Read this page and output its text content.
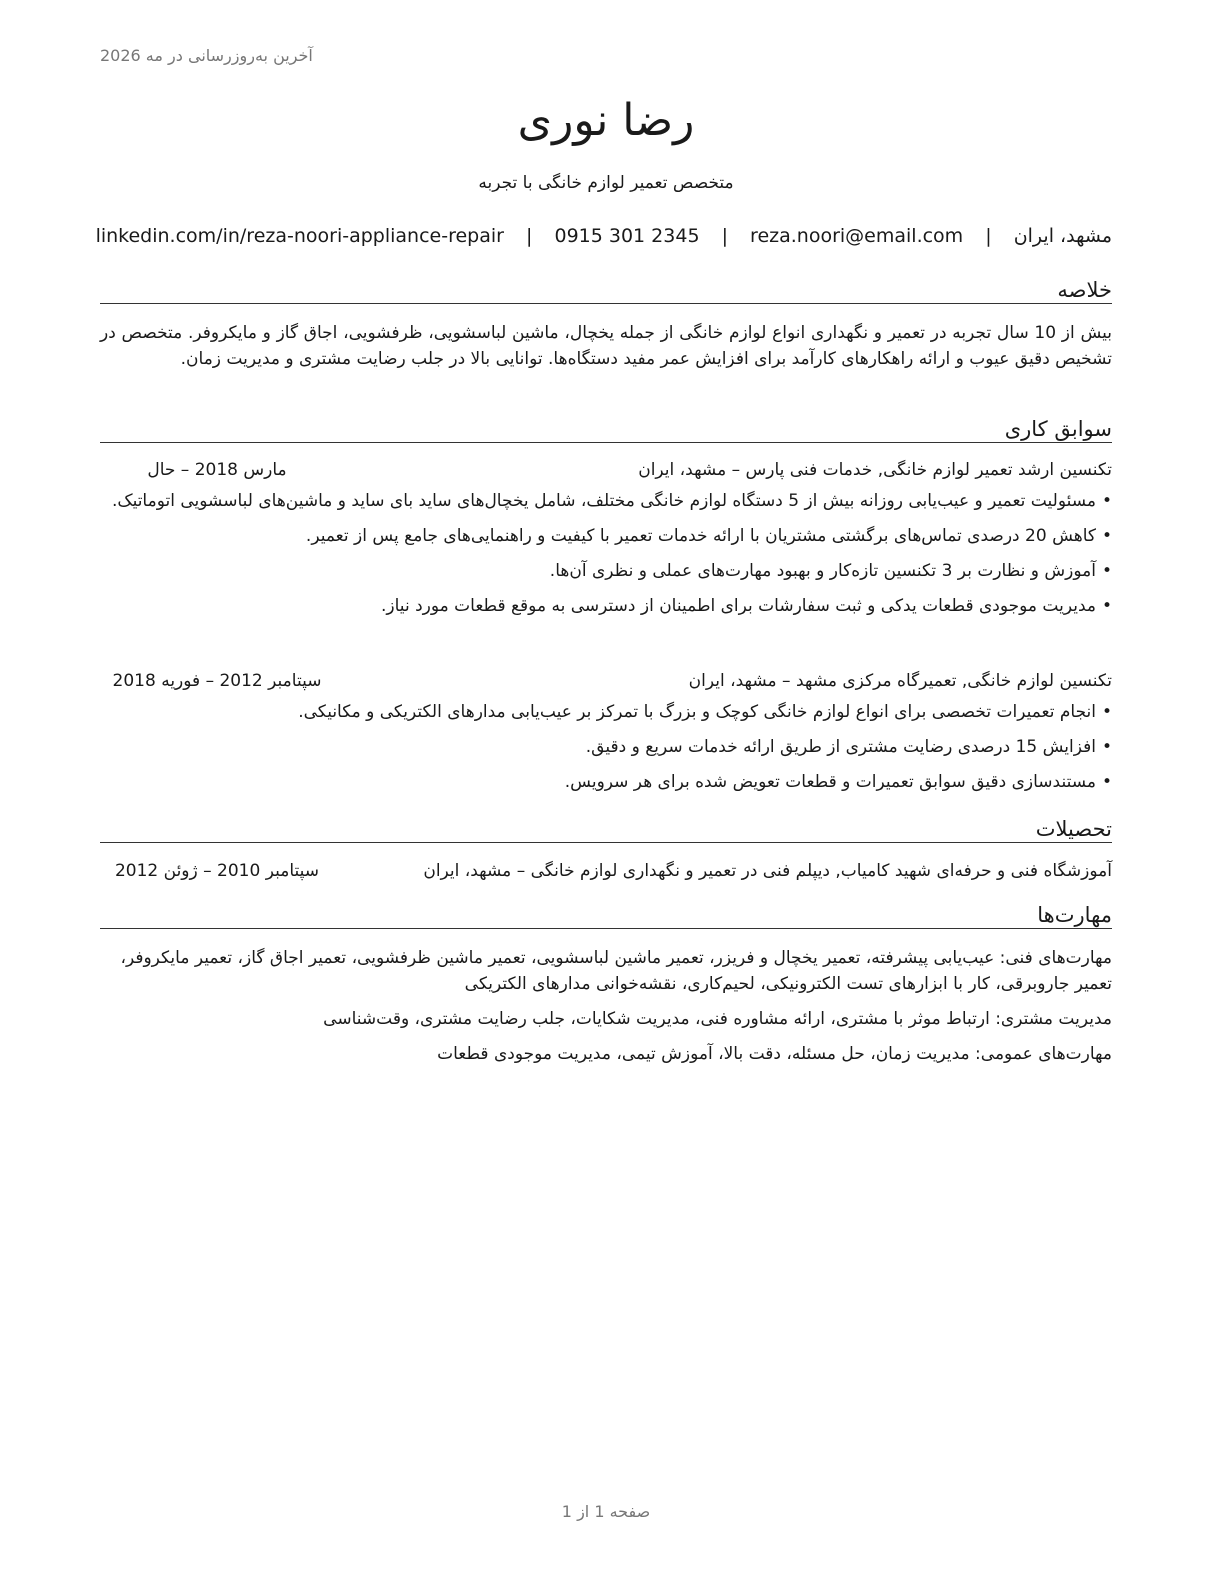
آخرین به‌روزرسانی در مه 2026
رضا نوری
متخصص تعمیر لوازم خانگی با تجربه
مشهد، ایران | reza.noori@email.com | 0915 301 2345 | linkedin.com/in/reza-noori-appliance-repair
خلاصه
بیش از 10 سال تجربه در تعمیر و نگهداری انواع لوازم خانگی از جمله یخچال، ماشین لباسشویی، ظرفشویی، اجاق گاز و مایکروفر. متخصص در تشخیص دقیق عیوب و ارائه راهکارهای کارآمد برای افزایش عمر مفید دستگاه‌ها. توانایی بالا در جلب رضایت مشتری و مدیریت زمان.
سوابق کاری
تکنسین ارشد تعمیر لوازم خانگی, خدمات فنی پارس – مشهد، ایران
مارس 2018 – حال
• مسئولیت تعمیر و عیب‌یابی روزانه بیش از 5 دستگاه لوازم خانگی مختلف، شامل یخچال‌های ساید بای ساید و ماشین‌های لباسشویی اتوماتیک.
• کاهش 20 درصدی تماس‌های برگشتی مشتریان با ارائه خدمات تعمیر با کیفیت و راهنمایی‌های جامع پس از تعمیر.
• آموزش و نظارت بر 3 تکنسین تازه‌کار و بهبود مهارت‌های عملی و نظری آن‌ها.
• مدیریت موجودی قطعات یدکی و ثبت سفارشات برای اطمینان از دسترسی به موقع قطعات مورد نیاز.
تکنسین لوازم خانگی, تعمیرگاه مرکزی مشهد – مشهد، ایران
سپتامبر 2012 – فوریه 2018
• انجام تعمیرات تخصصی برای انواع لوازم خانگی کوچک و بزرگ با تمرکز بر عیب‌یابی مدارهای الکتریکی و مکانیکی.
• افزایش 15 درصدی رضایت مشتری از طریق ارائه خدمات سریع و دقیق.
• مستندسازی دقیق سوابق تعمیرات و قطعات تعویض شده برای هر سرویس.
تحصیلات
آموزشگاه فنی و حرفه‌ای شهید کامیاب, دیپلم فنی در تعمیر و نگهداری لوازم خانگی – مشهد، ایران
سپتامبر 2010 – ژوئن 2012
مهارت‌ها
مهارت‌های فنی: عیب‌یابی پیشرفته، تعمیر یخچال و فریزر، تعمیر ماشین لباسشویی، تعمیر ماشین ظرفشویی، تعمیر اجاق گاز، تعمیر مایکروفر، تعمیر جاروبرقی، کار با ابزارهای تست الکترونیکی، لحیم‌کاری، نقشه‌خوانی مدارهای الکتریکی
مدیریت مشتری: ارتباط موثر با مشتری، ارائه مشاوره فنی، مدیریت شکایات، جلب رضایت مشتری، وقت‌شناسی
مهارت‌های عمومی: مدیریت زمان، حل مسئله، دقت بالا، آموزش تیمی، مدیریت موجودی قطعات
صفحه 1 از 1
